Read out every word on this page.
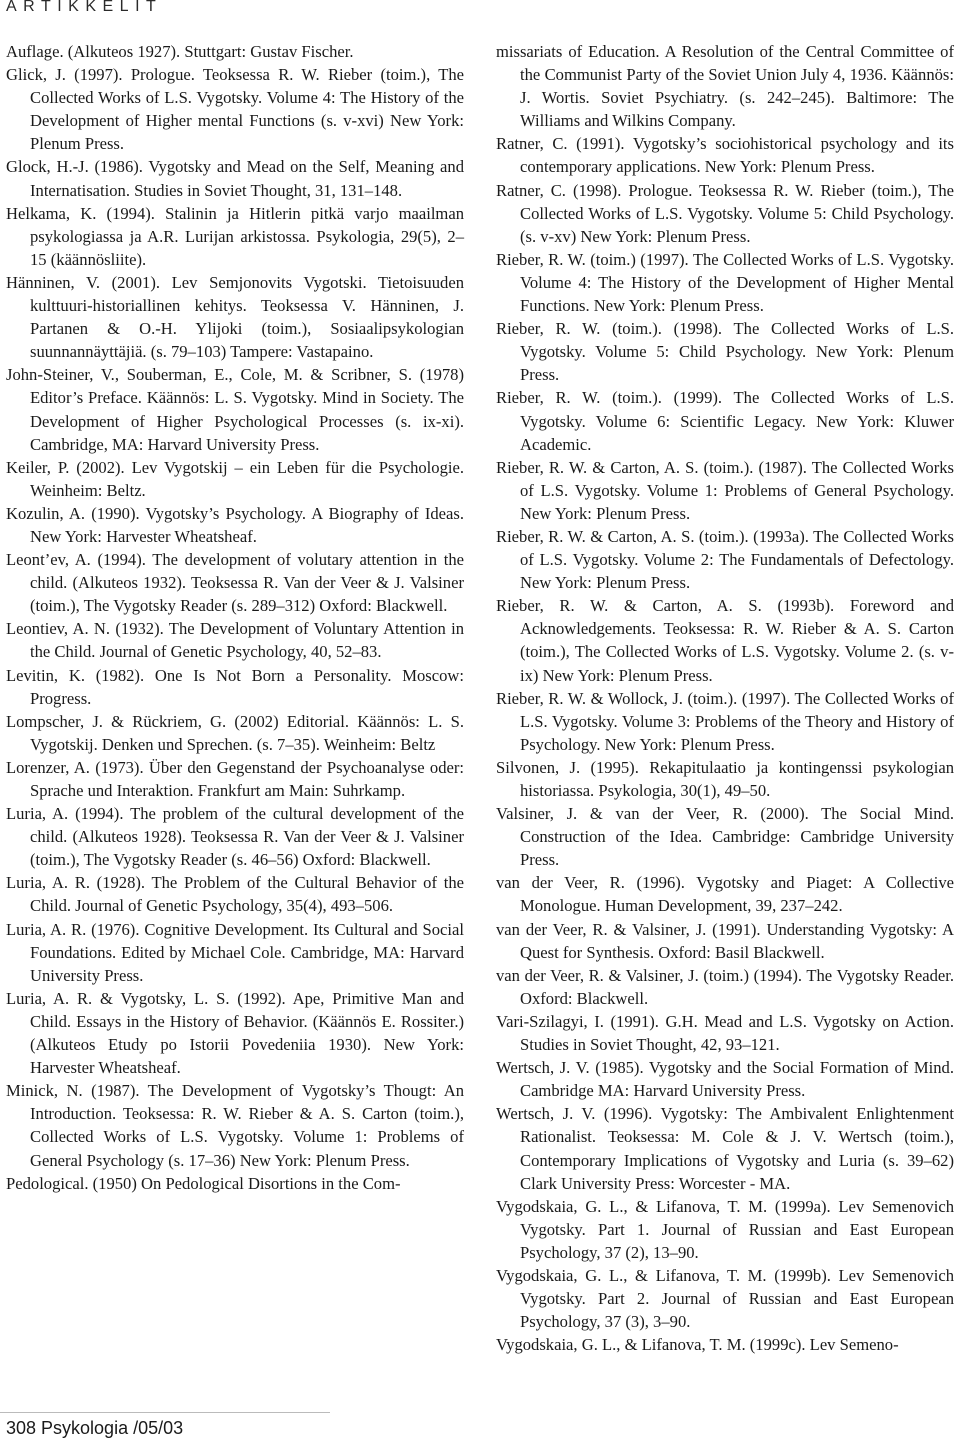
ARTIKKELIT

Auflage. (Alkuteos 1927). Stuttgart: Gustav Fischer.

Glick, J. (1997). Prologue. Teoksessa R. W. Rieber (toim.), The Collected Works of L.S. Vygotsky. Volume 4: The History of the Development of Higher mental Functions (s. v-xvi) New York: Plenum Press.

Glock, H.-J. (1986). Vygotsky and Mead on the Self, Meaning and Internatisation. Studies in Soviet Thought, 31, 131–148.

Helkama, K. (1994). Stalinin ja Hitlerin pitkä varjo maailman psykologiassa ja A.R. Lurijan arkistossa. Psykologia, 29(5), 2–15 (käännösliite).

Hänninen, V. (2001). Lev Semjonovits Vygotski. Tietoisuuden kulttuuri-historiallinen kehitys. Teoksessa V. Hänninen, J. Partanen & O.-H. Ylijoki (toim.), Sosiaalipsykologian suunnannäyttäjiä. (s. 79–103) Tampere: Vastapaino.

John-Steiner, V., Souberman, E., Cole, M. & Scribner, S. (1978) Editor’s Preface. Käännös: L. S. Vygotsky. Mind in Society. The Development of Higher Psychological Processes (s. ix-xi). Cambridge, MA: Harvard University Press.

Keiler, P. (2002). Lev Vygotskij – ein Leben für die Psychologie. Weinheim: Beltz.

Kozulin, A. (1990). Vygotsky’s Psychology. A Biography of Ideas. New York: Harvester Wheatsheaf.

Leont’ev, A. (1994). The development of volutary attention in the child. (Alkuteos 1932). Teoksessa R. Van der Veer & J. Valsiner (toim.), The Vygotsky Reader (s. 289–312) Oxford: Blackwell.

Leontiev, A. N. (1932). The Development of Voluntary Attention in the Child. Journal of Genetic Psychology, 40, 52–83.

Levitin, K. (1982). One Is Not Born a Personality. Moscow: Progress.

Lompscher, J. & Rückriem, G. (2002) Editorial. Käännös: L. S. Vygotskij. Denken und Sprechen. (s. 7–35). Weinheim: Beltz

Lorenzer, A. (1973). Über den Gegenstand der Psychoanalyse oder: Sprache und Interaktion. Frankfurt am Main: Suhrkamp.

Luria, A. (1994). The problem of the cultural development of the child. (Alkuteos 1928). Teoksessa R. Van der Veer & J. Valsiner (toim.), The Vygotsky Reader (s. 46–56) Oxford: Blackwell.

Luria, A. R. (1928). The Problem of the Cultural Behavior of the Child. Journal of Genetic Psychology, 35(4), 493–506.

Luria, A. R. (1976). Cognitive Development. Its Cultural and Social Foundations. Edited by Michael Cole. Cambridge, MA: Harvard University Press.

Luria, A. R. & Vygotsky, L. S. (1992). Ape, Primitive Man and Child. Essays in the History of Behavior. (Käännös E. Rossiter.) (Alkuteos Etudy po Istorii Povedeniia 1930). New York: Harvester Wheatsheaf.

Minick, N. (1987). The Development of Vygotsky’s Thougt: An Introduction. Teoksessa: R. W. Rieber & A. S. Carton (toim.), Collected Works of L.S. Vygotsky. Volume 1: Problems of General Psychology (s. 17–36) New York: Plenum Press.

Pedological. (1950) On Pedological Disortions in the Com-

missariats of Education. A Resolution of the Central Committee of the Communist Party of the Soviet Union July 4, 1936. Käännös: J. Wortis. Soviet Psychiatry. (s. 242–245). Baltimore: The Williams and Wilkins Company.

Ratner, C. (1991). Vygotsky’s sociohistorical psychology and its contemporary applications. New York: Plenum Press.

Ratner, C. (1998). Prologue. Teoksessa R. W. Rieber (toim.), The Collected Works of L.S. Vygotsky. Volume 5: Child Psychology. (s. v-xv) New York: Plenum Press.

Rieber, R. W. (toim.) (1997). The Collected Works of L.S. Vygotsky. Volume 4: The History of the Development of Higher Mental Functions. New York: Plenum Press.

Rieber, R. W. (toim.). (1998). The Collected Works of L.S. Vygotsky. Volume 5: Child Psychology. New York: Plenum Press.

Rieber, R. W. (toim.). (1999). The Collected Works of L.S. Vygotsky. Volume 6: Scientific Legacy. New York: Kluwer Academic.

Rieber, R. W. & Carton, A. S. (toim.). (1987). The Collected Works of L.S. Vygotsky. Volume 1: Problems of General Psychology. New York: Plenum Press.

Rieber, R. W. & Carton, A. S. (toim.). (1993a). The Collected Works of L.S. Vygotsky. Volume 2: The Fundamentals of Defectology. New York: Plenum Press.

Rieber, R. W. & Carton, A. S. (1993b). Foreword and Acknowledgements. Teoksessa: R. W. Rieber & A. S. Carton (toim.), The Collected Works of L.S. Vygotsky. Volume 2. (s. v-ix) New York: Plenum Press.

Rieber, R. W. & Wollock, J. (toim.). (1997). The Collected Works of L.S. Vygotsky. Volume 3: Problems of the Theory and History of Psychology. New York: Plenum Press.

Silvonen, J. (1995). Rekapitulaatio ja kontingenssi psykologian historiassa. Psykologia, 30(1), 49–50.

Valsiner, J. & van der Veer, R. (2000). The Social Mind. Construction of the Idea. Cambridge: Cambridge University Press.

van der Veer, R. (1996). Vygotsky and Piaget: A Collective Monologue. Human Development, 39, 237–242.

van der Veer, R. & Valsiner, J. (1991). Understanding Vygotsky: A Quest for Synthesis. Oxford: Basil Blackwell.

van der Veer, R. & Valsiner, J. (toim.) (1994). The Vygotsky Reader. Oxford: Blackwell.

Vari-Szilagyi, I. (1991). G.H. Mead and L.S. Vygotsky on Action. Studies in Soviet Thought, 42, 93–121.

Wertsch, J. V. (1985). Vygotsky and the Social Formation of Mind. Cambridge MA: Harvard University Press.

Wertsch, J. V. (1996). Vygotsky: The Ambivalent Enlightenment Rationalist. Teoksessa: M. Cole & J. V. Wertsch (toim.), Contemporary Implications of Vygotsky and Luria (s. 39–62) Clark University Press: Worcester - MA.

Vygodskaia, G. L., & Lifanova, T. M. (1999a). Lev Semenovich Vygotsky. Part 1. Journal of Russian and East European Psychology, 37 (2), 13–90.

Vygodskaia, G. L., & Lifanova, T. M. (1999b). Lev Semenovich Vygotsky. Part 2. Journal of Russian and East European Psychology, 37 (3), 3–90.

Vygodskaia, G. L., & Lifanova, T. M. (1999c). Lev Semeno-

308 Psykologia /05/03
